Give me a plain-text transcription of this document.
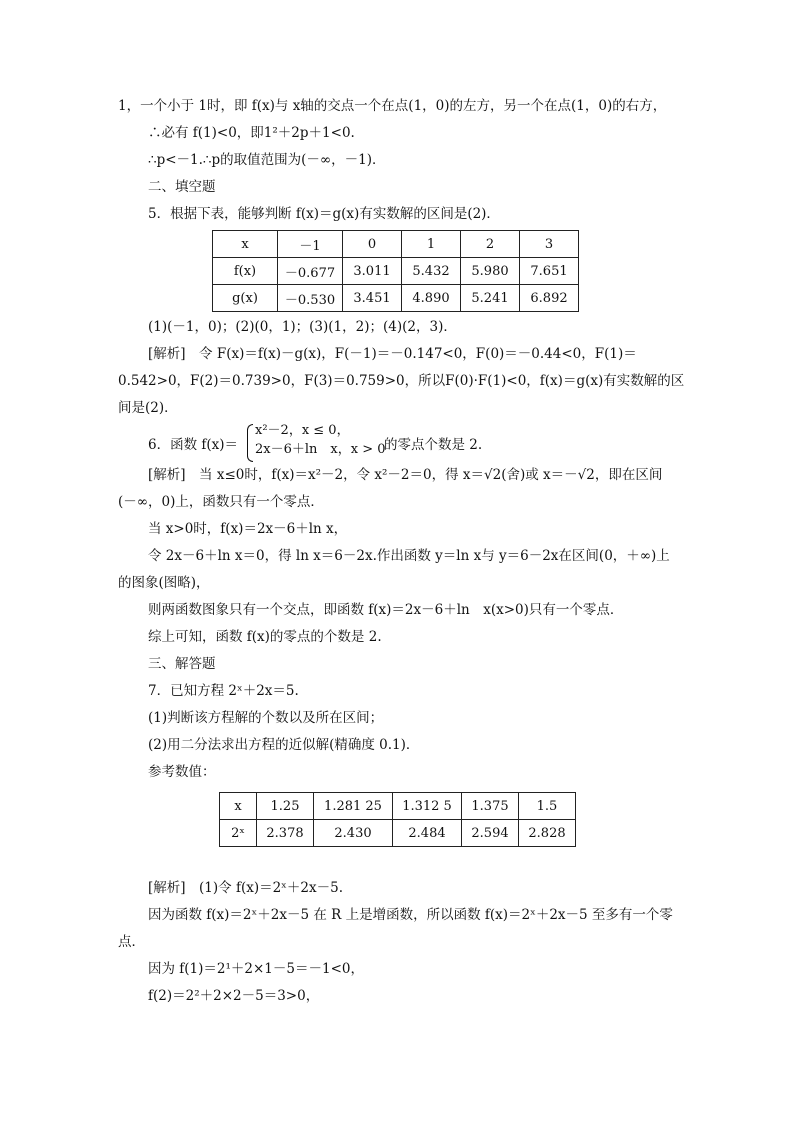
1，一个小于 1时，即 f(x)与 x轴的交点一个在点(1，0)的左方，另一个在点(1，0)的右方，
∴必有 f(1)<0，即1²＋2p＋1<0.
∴p<－1.∴p的取值范围为(－∞，－1)．
二、填空题
5．根据下表，能够判断 f(x)＝g(x)有实数解的区间是(2)．
x	－1	0	1	2	3
f(x)	－0.677	3.011	5.432	5.980	7.651
g(x)	－0.530	3.451	4.890	5.241	6.892
(1)(－1，0)；(2)(0，1)；(3)(1，2)；(4)(2，3)．
[解析]　令 F(x)＝f(x)－g(x)，F(－1)＝－0.147<0，F(0)＝－0.44<0，F(1)＝
0.542>0，F(2)＝0.739>0，F(3)＝0.759>0，所以F(0)·F(1)<0，f(x)＝g(x)有实数解的区
间是(2)．
6．函数 f(x)＝
x²－2，x ≤ 0，
2x－6＋ln　x，x > 0
的零点个数是 2.
[解析]　当 x≤0时，f(x)＝x²－2，令 x²－2＝0，得 x＝√2(舍)或 x＝－√2，即在区间
(－∞，0)上，函数只有一个零点．
当 x>0时，f(x)＝2x－6＋ln x，
令 2x－6＋ln x＝0，得 ln x＝6－2x.作出函数 y＝ln x与 y＝6－2x在区间(0，＋∞)上
的图象(图略)，
则两函数图象只有一个交点，即函数 f(x)＝2x－6＋ln　x(x>0)只有一个零点．
综上可知，函数 f(x)的零点的个数是 2.
三、解答题
7．已知方程 2ˣ＋2x＝5.
(1)判断该方程解的个数以及所在区间；
(2)用二分法求出方程的近似解(精确度 0.1)．
参考数值：
x	1.25	1.281 25	1.312 5	1.375	1.5
2ˣ	2.378	2.430	2.484	2.594	2.828
[解析]　(1)令 f(x)＝2ˣ＋2x－5.
因为函数 f(x)＝2ˣ＋2x－5 在 R 上是增函数，所以函数 f(x)＝2ˣ＋2x－5 至多有一个零
点．
因为 f(1)＝2¹＋2×1－5＝－1<0，
f(2)＝2²＋2×2－5＝3>0，
